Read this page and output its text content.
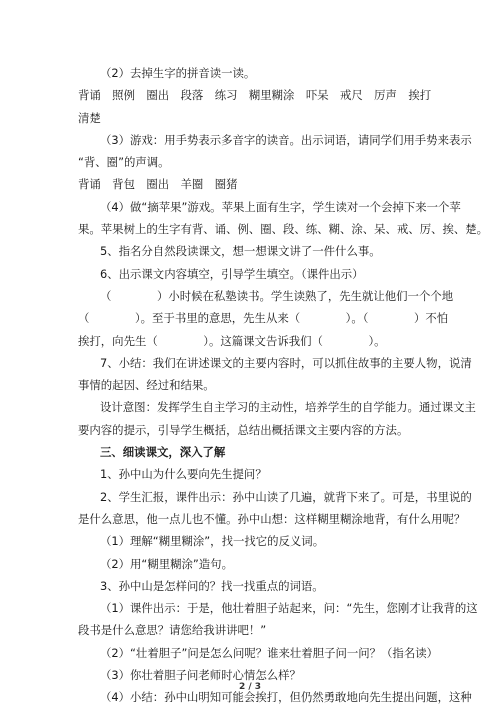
（2）去掉生字的拼音读一读。

背诵　照例　圈出　段落　练习　糊里糊涂　吓呆　戒尺　厉声　挨打

清楚

（3）游戏：用手势表示多音字的读音。出示词语，请同学们用手势来表示

“背、圈”的声调。

背诵　背包　圈出　羊圈　圈猪

（4）做“摘苹果”游戏。苹果上面有生字，学生读对一个会掉下来一个苹

果。苹果树上的生字有背、诵、例、圈、段、练、糊、涂、呆、戒、厉、挨、楚。

5、指名分自然段读课文，想一想课文讲了一件什么事。

6、出示课文内容填空，引导学生填空。（课件出示）

（　　　　）小时候在私塾读书。学生读熟了，先生就让他们一个个地

（　　　　）。至于书里的意思，先生从来（　　　　）。（　　　　）不怕

挨打，向先生（　　　　）。这篇课文告诉我们（　　　　）。

7、小结：我们在讲述课文的主要内容时，可以抓住故事的主要人物，说清

事情的起因、经过和结果。

设计意图：发挥学生自主学习的主动性，培养学生的自学能力。通过课文主

要内容的提示，引导学生概括，总结出概括课文主要内容的方法。

三、细读课文，深入了解

1、孙中山为什么要向先生提问？

2、学生汇报，课件出示：孙中山读了几遍，就背下来了。可是，书里说的

是什么意思，他一点儿也不懂。孙中山想：这样糊里糊涂地背，有什么用呢？

（1）理解“糊里糊涂”，找一找它的反义词。

（2）用“糊里糊涂”造句。

3、孙中山是怎样问的？找一找重点的词语。

（1）课件出示：于是，他壮着胆子站起来，问：“先生，您刚才让我背的这

段书是什么意思？请您给我讲讲吧！”

（2）“壮着胆子”问是怎么问呢？谁来壮着胆子问一问？（指名读）

（3）你壮着胆子问老师时心情怎么样？

（4）小结：孙中山明知可能会挨打，但仍然勇敢地向先生提出问题，这种

2 / 3
